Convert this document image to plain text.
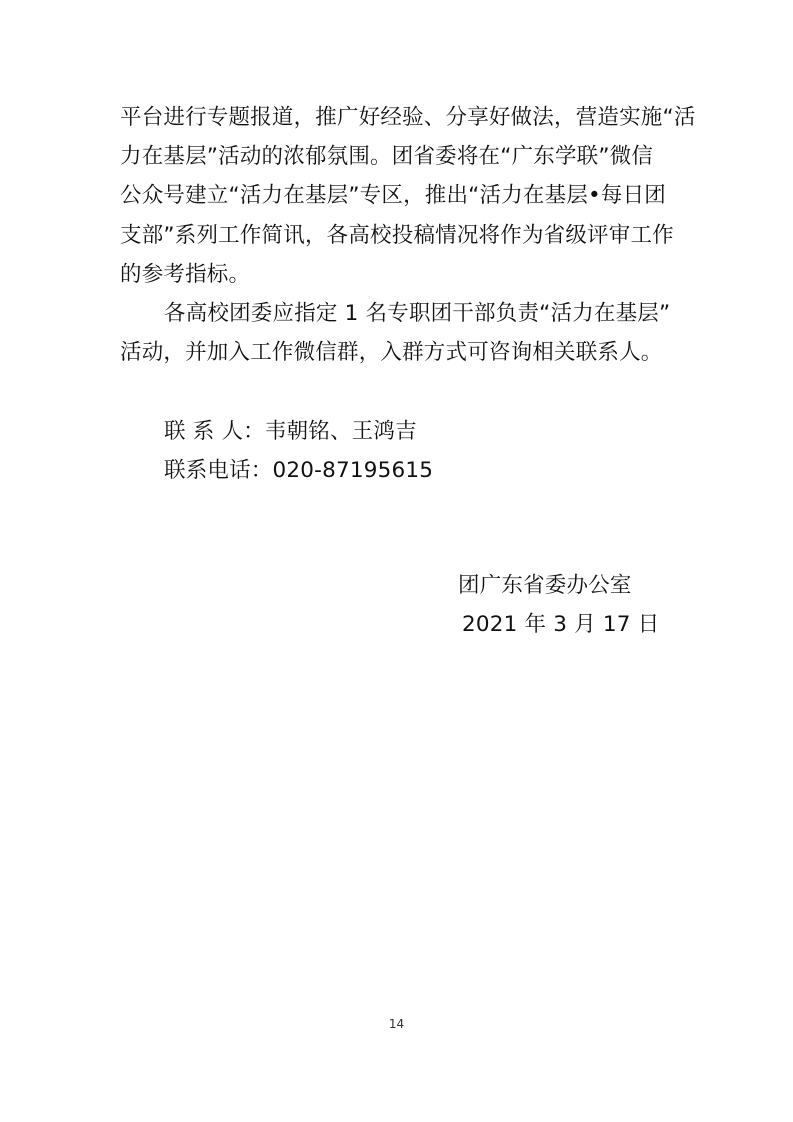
平台进行专题报道，推广好经验、分享好做法，营造实施“活
力在基层”活动的浓郁氛围。团省委将在“广东学联”微信
公众号建立“活力在基层”专区，推出“活力在基层•每日团
支部”系列工作简讯，各高校投稿情况将作为省级评审工作
的参考指标。
各高校团委应指定 1 名专职团干部负责“活力在基层”
活动，并加入工作微信群，入群方式可咨询相关联系人。
联 系 人：韦朝铭、王鸿吉
联系电话：020-87195615
团广东省委办公室
2021 年 3 月 17 日
14
